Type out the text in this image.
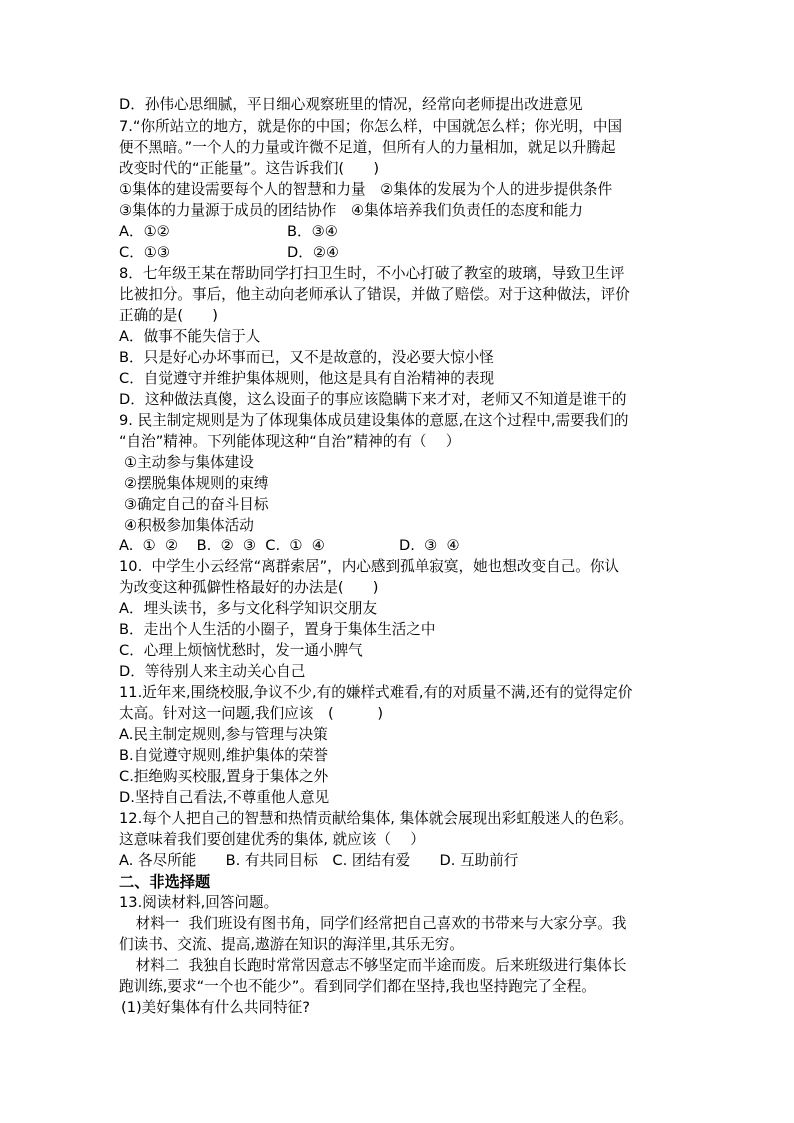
D．孙伟心思细腻，平日细心观察班里的情况，经常向老师提出改进意见
7.“你所站立的地方，就是你的中国；你怎么样，中国就怎么样；你光明，中国
便不黑暗。”一个人的力量或许微不足道，但所有人的力量相加，就足以升腾起
改变时代的“正能量”。这告诉我们(　　)
①集体的建设需要每个人的智慧和力量　②集体的发展为个人的进步提供条件
③集体的力量源于成员的团结协作　④集体培养我们负责任的态度和能力
A．①②	B．③④
C．①③	D．②④
8．七年级王某在帮助同学打扫卫生时，不小心打破了教室的玻璃，导致卫生评
比被扣分。事后，他主动向老师承认了错误，并做了赔偿。对于这种做法，评价
正确的是(　　)
A．做事不能失信于人
B．只是好心办坏事而已，又不是故意的，没必要大惊小怪
C．自觉遵守并维护集体规则，他这是具有自治精神的表现
D．这种做法真傻，这么设面子的事应该隐瞒下来才对，老师又不知道是谁干的
9. 民主制定规则是为了体现集体成员建设集体的意愿,在这个过程中,需要我们的
“自治”精神。下列能体现这种“自治”精神的有（　 ）
①主动参与集体建设
②摆脱集体规则的束缚
③确定自己的奋斗目标
④积极参加集体活动
A.  ①  ②    B.  ②  ③  C.  ①  ④	D.  ③  ④
10.  中学生小云经常“离群索居”，内心感到孤单寂寞，她也想改变自己。你认
为改变这种孤僻性格最好的办法是(　　)
A．埋头读书，多与文化科学知识交朋友
B．走出个人生活的小圈子，置身于集体生活之中
C．心理上烦恼忧愁时，发一通小脾气
D．等待别人来主动关心自己
11.近年来,围绕校服,争议不少,有的嫌样式难看,有的对质量不满,还有的觉得定价
太高。针对这一问题,我们应该　(　　　)
A.民主制定规则,参与管理与决策
B.自觉遵守规则,维护集体的荣誉
C.拒绝购买校服,置身于集体之外
D.坚持自己看法,不尊重他人意见
12.每个人把自己的智慧和热情贡献给集体, 集体就会展现出彩虹般迷人的色彩。
这意味着我们要创建优秀的集体, 就应该（　 ）
A. 各尽所能　　B. 有共同目标　C. 团结有爱　　D. 互助前行
二、非选择题
13.阅读材料,回答问题。
　材料一  我们班设有图书角，同学们经常把自己喜欢的书带来与大家分享。我
们读书、交流、提高,遨游在知识的海洋里,其乐无穷。
　材料二  我独自长跑时常常因意志不够坚定而半途而废。后来班级进行集体长
跑训练,要求“一个也不能少”。看到同学们都在坚持,我也坚持跑完了全程。
(1)美好集体有什么共同特征?
